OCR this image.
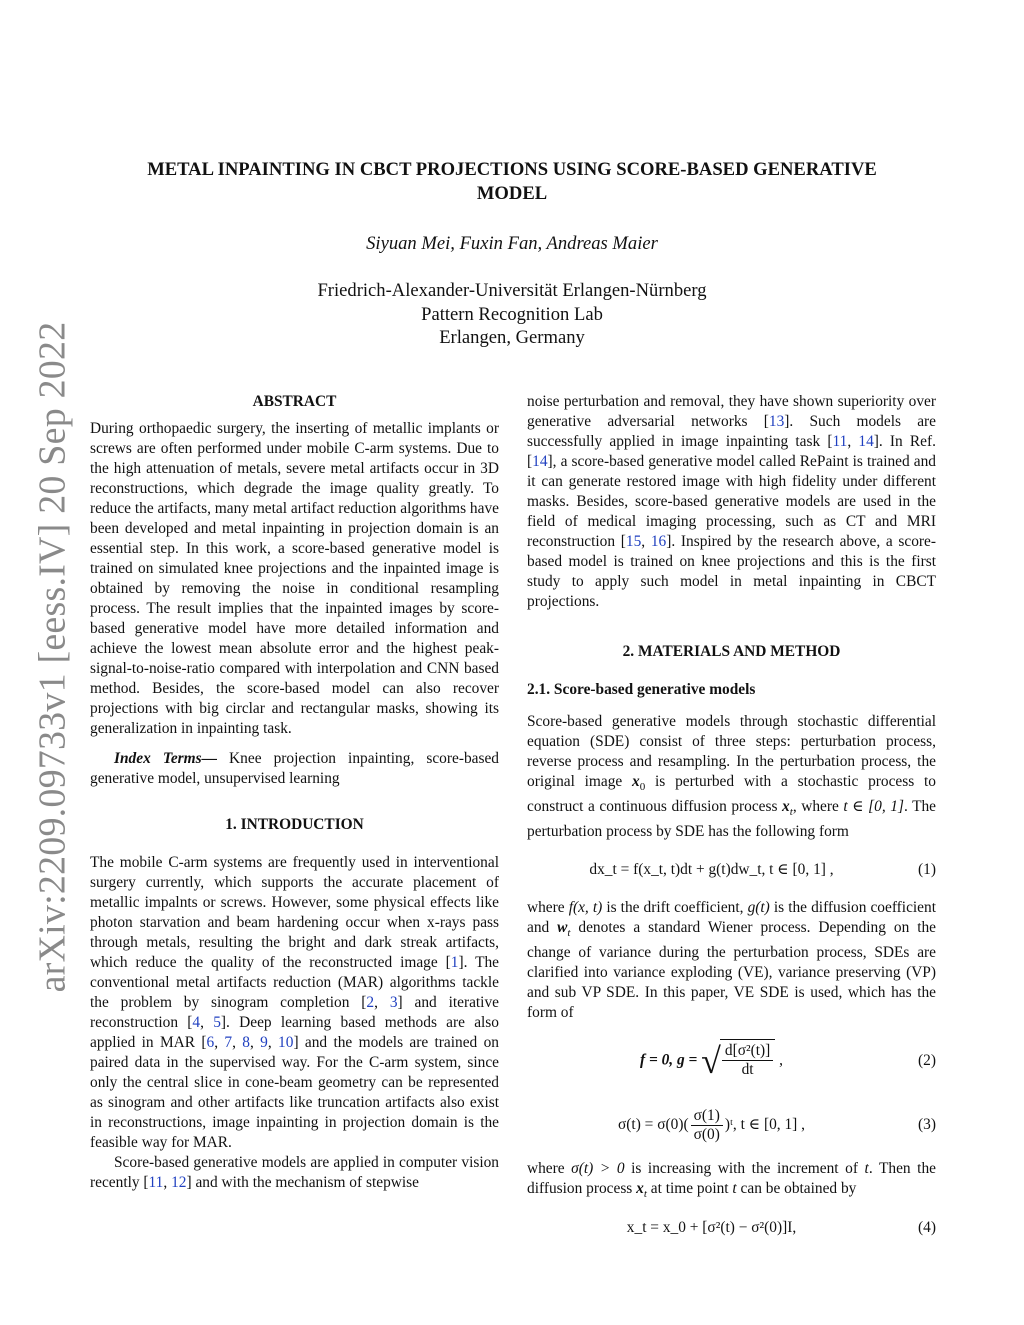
arXiv:2209.09733v1 [eess.IV] 20 Sep 2022
METAL INPAINTING IN CBCT PROJECTIONS USING SCORE-BASED GENERATIVE
MODEL
Siyuan Mei, Fuxin Fan, Andreas Maier
Friedrich-Alexander-Universität Erlangen-Nürnberg
Pattern Recognition Lab
Erlangen, Germany
ABSTRACT

During orthopaedic surgery, the inserting of metallic implants or screws are often performed under mobile C-arm systems. Due to the high attenuation of metals, severe metal artifacts occur in 3D reconstructions, which degrade the image quality greatly. To reduce the artifacts, many metal artifact reduction algorithms have been developed and metal inpainting in projection domain is an essential step. In this work, a score-based generative model is trained on simulated knee projections and the inpainted image is obtained by removing the noise in conditional resampling process. The result implies that the inpainted images by score-based generative model have more detailed information and achieve the lowest mean absolute error and the highest peak-signal-to-noise-ratio compared with interpolation and CNN based method. Besides, the score-based model can also recover projections with big circlar and rectangular masks, showing its generalization in inpainting task.

Index Terms— Knee projection inpainting, score-based generative model, unsupervised learning

1. INTRODUCTION

The mobile C-arm systems are frequently used in interventional surgery currently, which supports the accurate placement of metallic impalnts or screws. However, some physical effects like photon starvation and beam hardening occur when x-rays pass through metals, resulting the bright and dark streak artifacts, which reduce the quality of the reconstructed image [1]. The conventional metal artifacts reduction (MAR) algorithms tackle the problem by sinogram completion [2, 3] and iterative reconstruction [4, 5]. Deep learning based methods are also applied in MAR [6, 7, 8, 9, 10] and the models are trained on paired data in the supervised way. For the C-arm system, since only the central slice in cone-beam geometry can be represented as sinogram and other artifacts like truncation artifacts also exist in reconstructions, image inpainting in projection domain is the feasible way for MAR.

Score-based generative models are applied in computer vision recently [11, 12] and with the mechanism of stepwise

noise perturbation and removal, they have shown superiority over generative adversarial networks [13]. Such models are successfully applied in image inpainting task [11, 14]. In Ref. [14], a score-based generative model called RePaint is trained and it can generate restored image with high fidelity under different masks. Besides, score-based generative models are used in the field of medical imaging processing, such as CT and MRI reconstruction [15, 16]. Inspired by the research above, a score-based model is trained on knee projections and this is the first study to apply such model in metal inpainting in CBCT projections.

2. MATERIALS AND METHOD
2.1. Score-based generative models

Score-based generative models through stochastic differential equation (SDE) consist of three steps: perturbation process, reverse process and resampling. In the perturbation process, the original image $x_0$ is perturbed with a stochastic process to construct a continuous diffusion process $x_t$, where t ∈ [0, 1]. The perturbation process by SDE has the following form

dx_t = f(x_t, t)dt + g(t)dw_t, t ∈ [0, 1] ,	(1)

where f(x, t) is the drift coefficient, g(t) is the diffusion coefficient and $w_t$ denotes a standard Wiener process. Depending on the change of variance during the perturbation process, SDEs are clarified into variance exploding (VE), variance preserving (VP) and sub VP SDE. In this paper, VE SDE is used, which has the form of

f = 0, g = √ $\frac{\text{d[σ²(t)]}}{dt}$ ,	(2)
$\sigma(t) = \sigma(0)( \frac{\sigma(1)}{\sigma(0)}$ )ᵗ, t ∈ [0, 1] ,	(3)

where σ(t) > 0 is increasing with the increment of t. Then the diffusion process $x_t$ at time point t can be obtained by

x_t = x_0 + [σ²(t) − σ²(0)]I,	(4)
